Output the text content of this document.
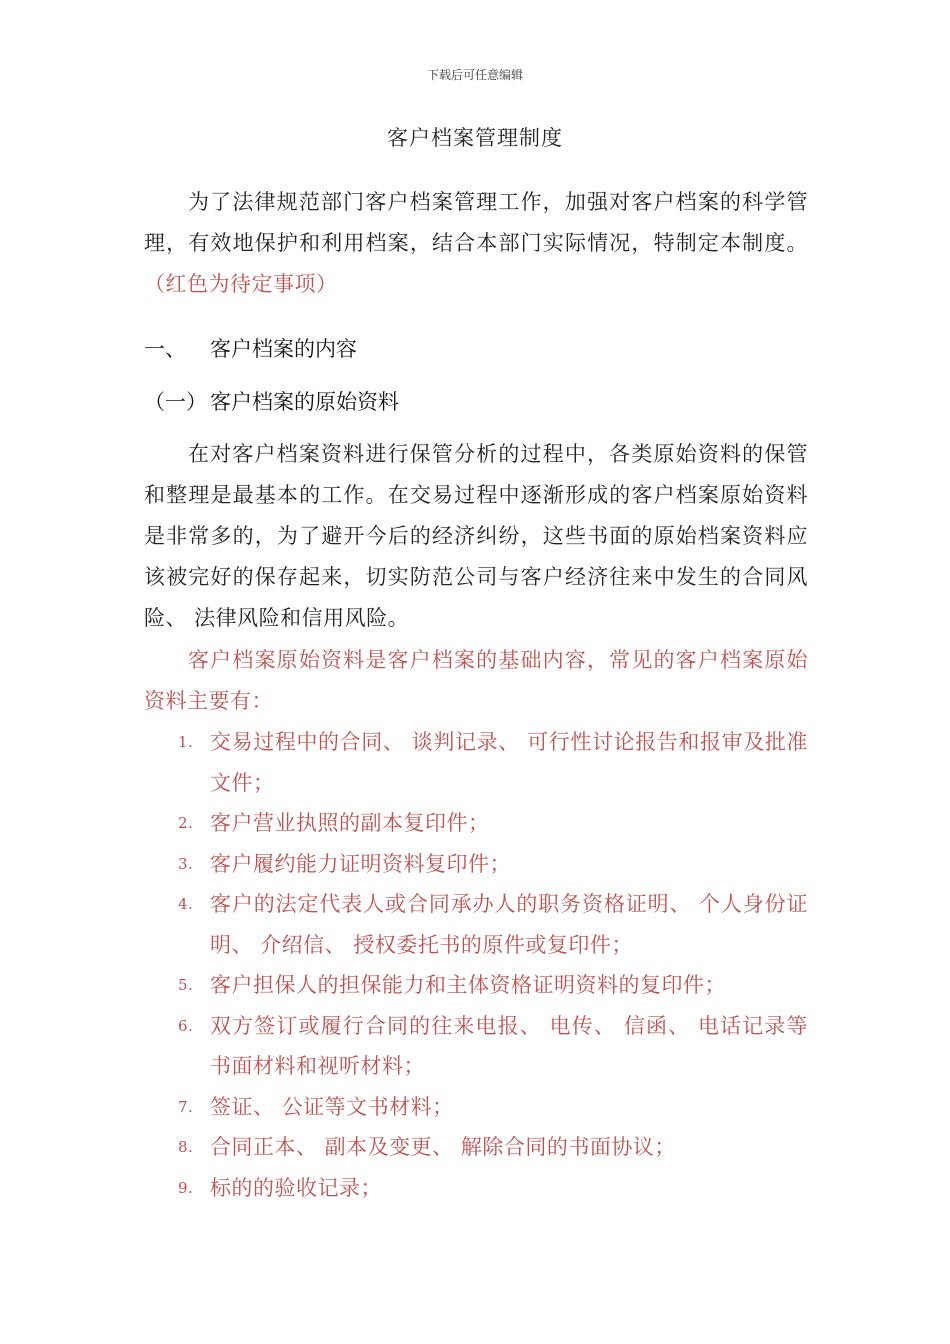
下载后可任意编辑
客户档案管理制度
为了法律规范部门客户档案管理工作，加强对客户档案的科学管理，有效地保护和利用档案，结合本部门实际情况，特制定本制度。（红色为待定事项）
一、 客户档案的内容
（一） 客户档案的原始资料
在对客户档案资料进行保管分析的过程中，各类原始资料的保管和整理是最基本的工作。在交易过程中逐渐形成的客户档案原始资料是非常多的，为了避开今后的经济纠纷，这些书面的原始档案资料应该被完好的保存起来，切实防范公司与客户经济往来中发生的合同风险、 法律风险和信用风险。
客户档案原始资料是客户档案的基础内容，常见的客户档案原始资料主要有：
1. 交易过程中的合同、 谈判记录、 可行性讨论报告和报审及批准文件；
2. 客户营业执照的副本复印件；
3. 客户履约能力证明资料复印件；
4. 客户的法定代表人或合同承办人的职务资格证明、 个人身份证明、 介绍信、 授权委托书的原件或复印件；
5. 客户担保人的担保能力和主体资格证明资料的复印件；
6. 双方签订或履行合同的往来电报、 电传、 信函、 电话记录等书面材料和视听材料；
7. 签证、 公证等文书材料；
8. 合同正本、 副本及变更、 解除合同的书面协议；
9. 标的的验收记录；
